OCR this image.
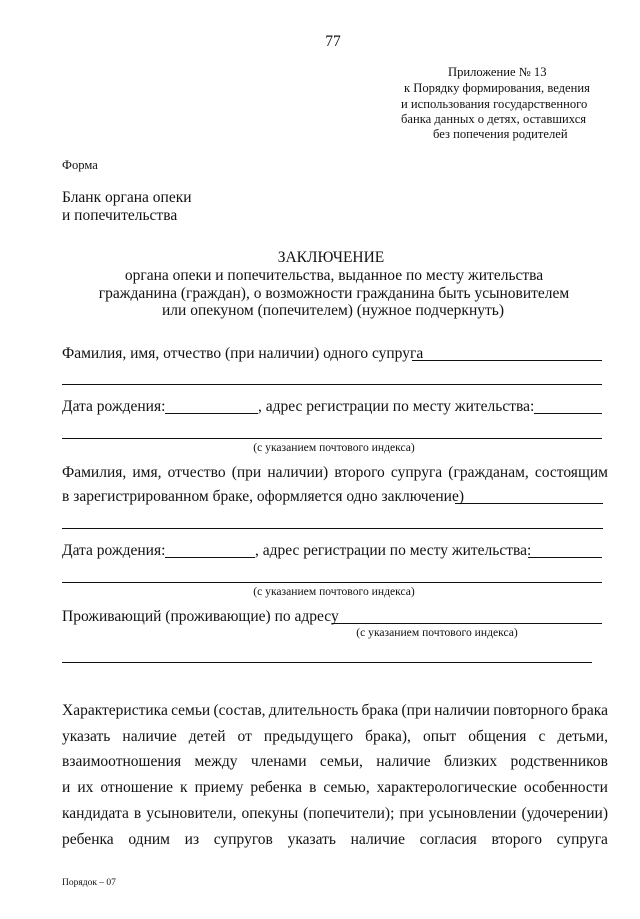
77
Приложение № 13
к Порядку формирования, ведения
и использования государственного
банка данных о детях, оставшихся
без попечения родителей
Форма
Бланк органа опеки
и попечительства
ЗАКЛЮЧЕНИЕ
органа опеки и попечительства, выданное по месту жительства
гражданина (граждан), о возможности гражданина быть усыновителем
или опекуном (попечителем) (нужное подчеркнуть)
Фамилия, имя, отчество (при наличии) одного супруга
Дата рождения:	, адрес регистрации по месту жительства:
(с указанием почтового индекса)
Фамилия, имя, отчество (при наличии) второго супруга (гражданам, состоящим
в зарегистрированном браке, оформляется одно заключение)
Дата рождения:	, адрес регистрации по месту жительства:
(с указанием почтового индекса)
Проживающий (проживающие) по адресу
(с указанием почтового индекса)
Характеристика семьи (состав, длительность брака (при наличии повторного брака
указать наличие детей от предыдущего брака), опыт общения с детьми,
взаимоотношения между членами семьи, наличие близких родственников
и их отношение к приему ребенка в семью, характерологические особенности
кандидата в усыновители, опекуны (попечители); при усыновлении (удочерении)
ребенка одним из супругов указать наличие согласия второго супруга
Порядок – 07
